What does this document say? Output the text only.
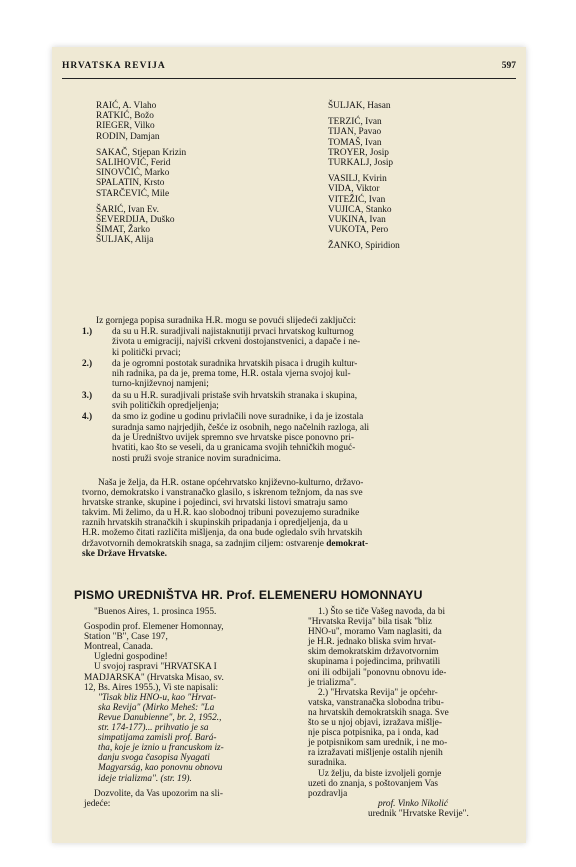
HRVATSKA REVIJA	597
RAIĆ, A. Vlaho
RATKIĆ, Božo
RIEGER, Vilko
RODIN, Damjan
SAKAČ, Stjepan Krizin
SALIHOVIĆ, Ferid
SINOVČIĆ, Marko
SPALATIN, Krsto
STARČEVIĆ, Mile
ŠARIĆ, Ivan Ev.
ŠEVERDIJA, Duško
ŠIMAT, Žarko
ŠULJAK, Alija
ŠULJAK, Hasan
TERZIĆ, Ivan
TIJAN, Pavao
TOMAŠ, Ivan
TROYER, Josip
TURKALJ, Josip
VASILJ, Kvirin
VIDA, Viktor
VITEŽIĆ, Ivan
VUJICA, Stanko
VUKINA, Ivan
VUKOTA, Pero
ŽANKO, Spiridion
Iz gornjega popisa suradnika H.R. mogu se povući slijedeći zaključci:
1.) da su u H.R. suradjivali najistaknutiji prvaci hrvatskog kulturnog
života u emigraciji, najviši crkveni dostojanstvenici, a dapače i ne-
ki politički prvaci;
2.) da je ogromni postotak suradnika hrvatskih pisaca i drugih kultur-
nih radnika, pa da je, prema tome, H.R. ostala vjerna svojoj kul-
turno-književnoj namjeni;
3.) da su u H.R. suradjivali pristaše svih hrvatskih stranaka i skupina,
svih političkih opredjeljenja;
4.) da smo iz godine u godinu privlačili nove suradnike, i da je izostala
suradnja samo najrjedjih, češće iz osobnih, nego načelnih razloga, ali
da je Uredništvo uvijek spremno sve hrvatske pisce ponovno pri-
hvatiti, kao što se veseli, da u granicama svojih tehničkih moguć-
nosti pruži svoje stranice novim suradnicima.
Naša je želja, da H.R. ostane općehrvatsko književno-kulturno, državo-
tvorno, demokratsko i vanstranačko glasilo, s iskrenom težnjom, da nas sve
hrvatske stranke, skupine i pojedinci, svi hrvatski listovi smatraju samo
takvim. Mi želimo, da u H.R. kao slobodnoj tribuni povezujemo suradnike
raznih hrvatskih stranačkih i skupinskih pripadanja i opredjeljenja, da u
H.R. možemo čitati različita mišljenja, da ona bude ogledalo svih hrvatskih
državotvornih demokratskih snaga, sa zadnjim ciljem: ostvarenje demokrat-
ske Države Hrvatske.
PISMO UREDNIŠTVA HR. Prof. ELEMENERU HOMONNAYU
"Buenos Aires, 1. prosinca 1955.
Gospodin prof. Elemener Homonnay,
Station "B", Case 197,
Montreal, Canada.
Ugledni gospodine!
U svojoj raspravi "HRVATSKA I
MADJARSKA" (Hrvatska Misao, sv.
12, Bs. Aires 1955.), Vi ste napisali:
"Tisak bliz HNO-u, kao "Hrvat-
ska Revija" (Mirko Meheš: "La
Revue Danubienne", br. 2, 1952.,
str. 174-177)... prihvatio je sa
simpatijama zamisli prof. Bará-
tha, koje je iznio u francuskom iz-
danju svoga časopisa Nyagati
Magyarság, kao ponovnu obnovu
ideje trializma". (str. 19).
Dozvolite, da Vas upozorim na sli-
jedeće:
1.) Što se tiče Vašeg navoda, da bi
"Hrvatska Revija" bila tisak "bliz
HNO-u", moramo Vam naglasiti, da
je H.R. jednako bliska svim hrvat-
skim demokratskim državotvornim
skupinama i pojedincima, prihvatili
oni ili odbijali "ponovnu obnovu ide-
je trializma".
2.) "Hrvatska Revija" je općehr-
vatska, vanstranačka slobodna tribu-
na hrvatskih demokratskih snaga. Sve
što se u njoj objavi, izražava mišlje-
nje pisca potpisnika, pa i onda, kad
je potpisnikom sam urednik, i ne mo-
ra izražavati mišljenje ostalih njenih
suradnika.
Uz želju, da biste izvoljeli gornje
uzeti do znanja, s poštovanjem Vas
pozdravlja
prof. Vinko Nikolić
urednik "Hrvatske Revije".
